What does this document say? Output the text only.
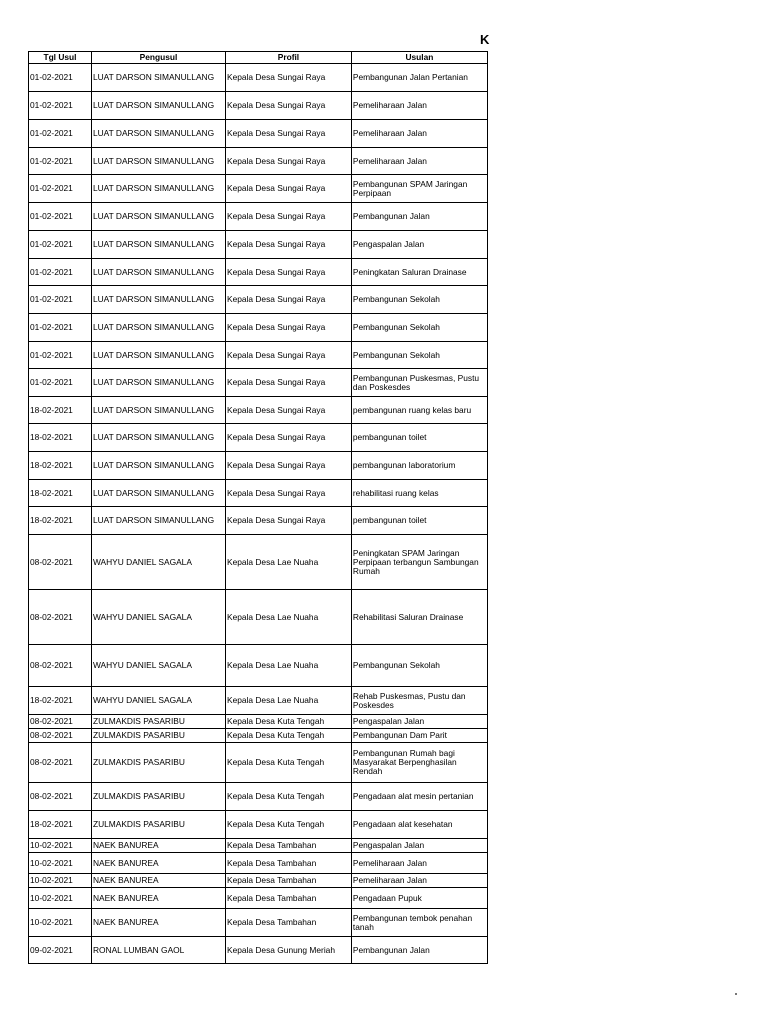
K
Tgl Usul	Pengusul	Profil	Usulan
01-02-2021	LUAT DARSON SIMANULLANG	Kepala Desa Sungai Raya	Pembangunan Jalan Pertanian
01-02-2021	LUAT DARSON SIMANULLANG	Kepala Desa Sungai Raya	Pemeliharaan Jalan
01-02-2021	LUAT DARSON SIMANULLANG	Kepala Desa Sungai Raya	Pemeliharaan Jalan
01-02-2021	LUAT DARSON SIMANULLANG	Kepala Desa Sungai Raya	Pemeliharaan Jalan
01-02-2021	LUAT DARSON SIMANULLANG	Kepala Desa Sungai Raya	Pembangunan SPAM Jaringan Perpipaan
01-02-2021	LUAT DARSON SIMANULLANG	Kepala Desa Sungai Raya	Pembangunan Jalan
01-02-2021	LUAT DARSON SIMANULLANG	Kepala Desa Sungai Raya	Pengaspalan Jalan
01-02-2021	LUAT DARSON SIMANULLANG	Kepala Desa Sungai Raya	Peningkatan Saluran Drainase
01-02-2021	LUAT DARSON SIMANULLANG	Kepala Desa Sungai Raya	Pembangunan Sekolah
01-02-2021	LUAT DARSON SIMANULLANG	Kepala Desa Sungai Raya	Pembangunan Sekolah
01-02-2021	LUAT DARSON SIMANULLANG	Kepala Desa Sungai Raya	Pembangunan Sekolah
01-02-2021	LUAT DARSON SIMANULLANG	Kepala Desa Sungai Raya	Pembangunan Puskesmas, Pustu dan Poskesdes
18-02-2021	LUAT DARSON SIMANULLANG	Kepala Desa Sungai Raya	pembangunan ruang kelas baru
18-02-2021	LUAT DARSON SIMANULLANG	Kepala Desa Sungai Raya	pembangunan toilet
18-02-2021	LUAT DARSON SIMANULLANG	Kepala Desa Sungai Raya	pembangunan laboratorium
18-02-2021	LUAT DARSON SIMANULLANG	Kepala Desa Sungai Raya	rehabilitasi ruang kelas
18-02-2021	LUAT DARSON SIMANULLANG	Kepala Desa Sungai Raya	pembangunan toilet
08-02-2021	WAHYU DANIEL SAGALA	Kepala Desa Lae Nuaha	Peningkatan SPAM Jaringan Perpipaan terbangun Sambungan Rumah
08-02-2021	WAHYU DANIEL SAGALA	Kepala Desa Lae Nuaha	Rehabilitasi Saluran Drainase
08-02-2021	WAHYU DANIEL SAGALA	Kepala Desa Lae Nuaha	Pembangunan Sekolah
18-02-2021	WAHYU DANIEL SAGALA	Kepala Desa Lae Nuaha	Rehab Puskesmas, Pustu dan Poskesdes
08-02-2021	ZULMAKDIS PASARIBU	Kepala Desa Kuta Tengah	Pengaspalan Jalan
08-02-2021	ZULMAKDIS PASARIBU	Kepala Desa Kuta Tengah	Pembangunan Dam Parit
08-02-2021	ZULMAKDIS PASARIBU	Kepala Desa Kuta Tengah	Pembangunan Rumah bagi Masyarakat Berpenghasilan Rendah
08-02-2021	ZULMAKDIS PASARIBU	Kepala Desa Kuta Tengah	Pengadaan alat mesin pertanian
18-02-2021	ZULMAKDIS PASARIBU	Kepala Desa Kuta Tengah	Pengadaan alat kesehatan
10-02-2021	NAEK BANUREA	Kepala Desa Tambahan	Pengaspalan Jalan
10-02-2021	NAEK BANUREA	Kepala Desa Tambahan	Pemeliharaan Jalan
10-02-2021	NAEK BANUREA	Kepala Desa Tambahan	Pemeliharaan Jalan
10-02-2021	NAEK BANUREA	Kepala Desa Tambahan	Pengadaan Pupuk
10-02-2021	NAEK BANUREA	Kepala Desa Tambahan	Pembangunan tembok penahan tanah
09-02-2021	RONAL LUMBAN GAOL	Kepala Desa Gunung Meriah	Pembangunan Jalan
